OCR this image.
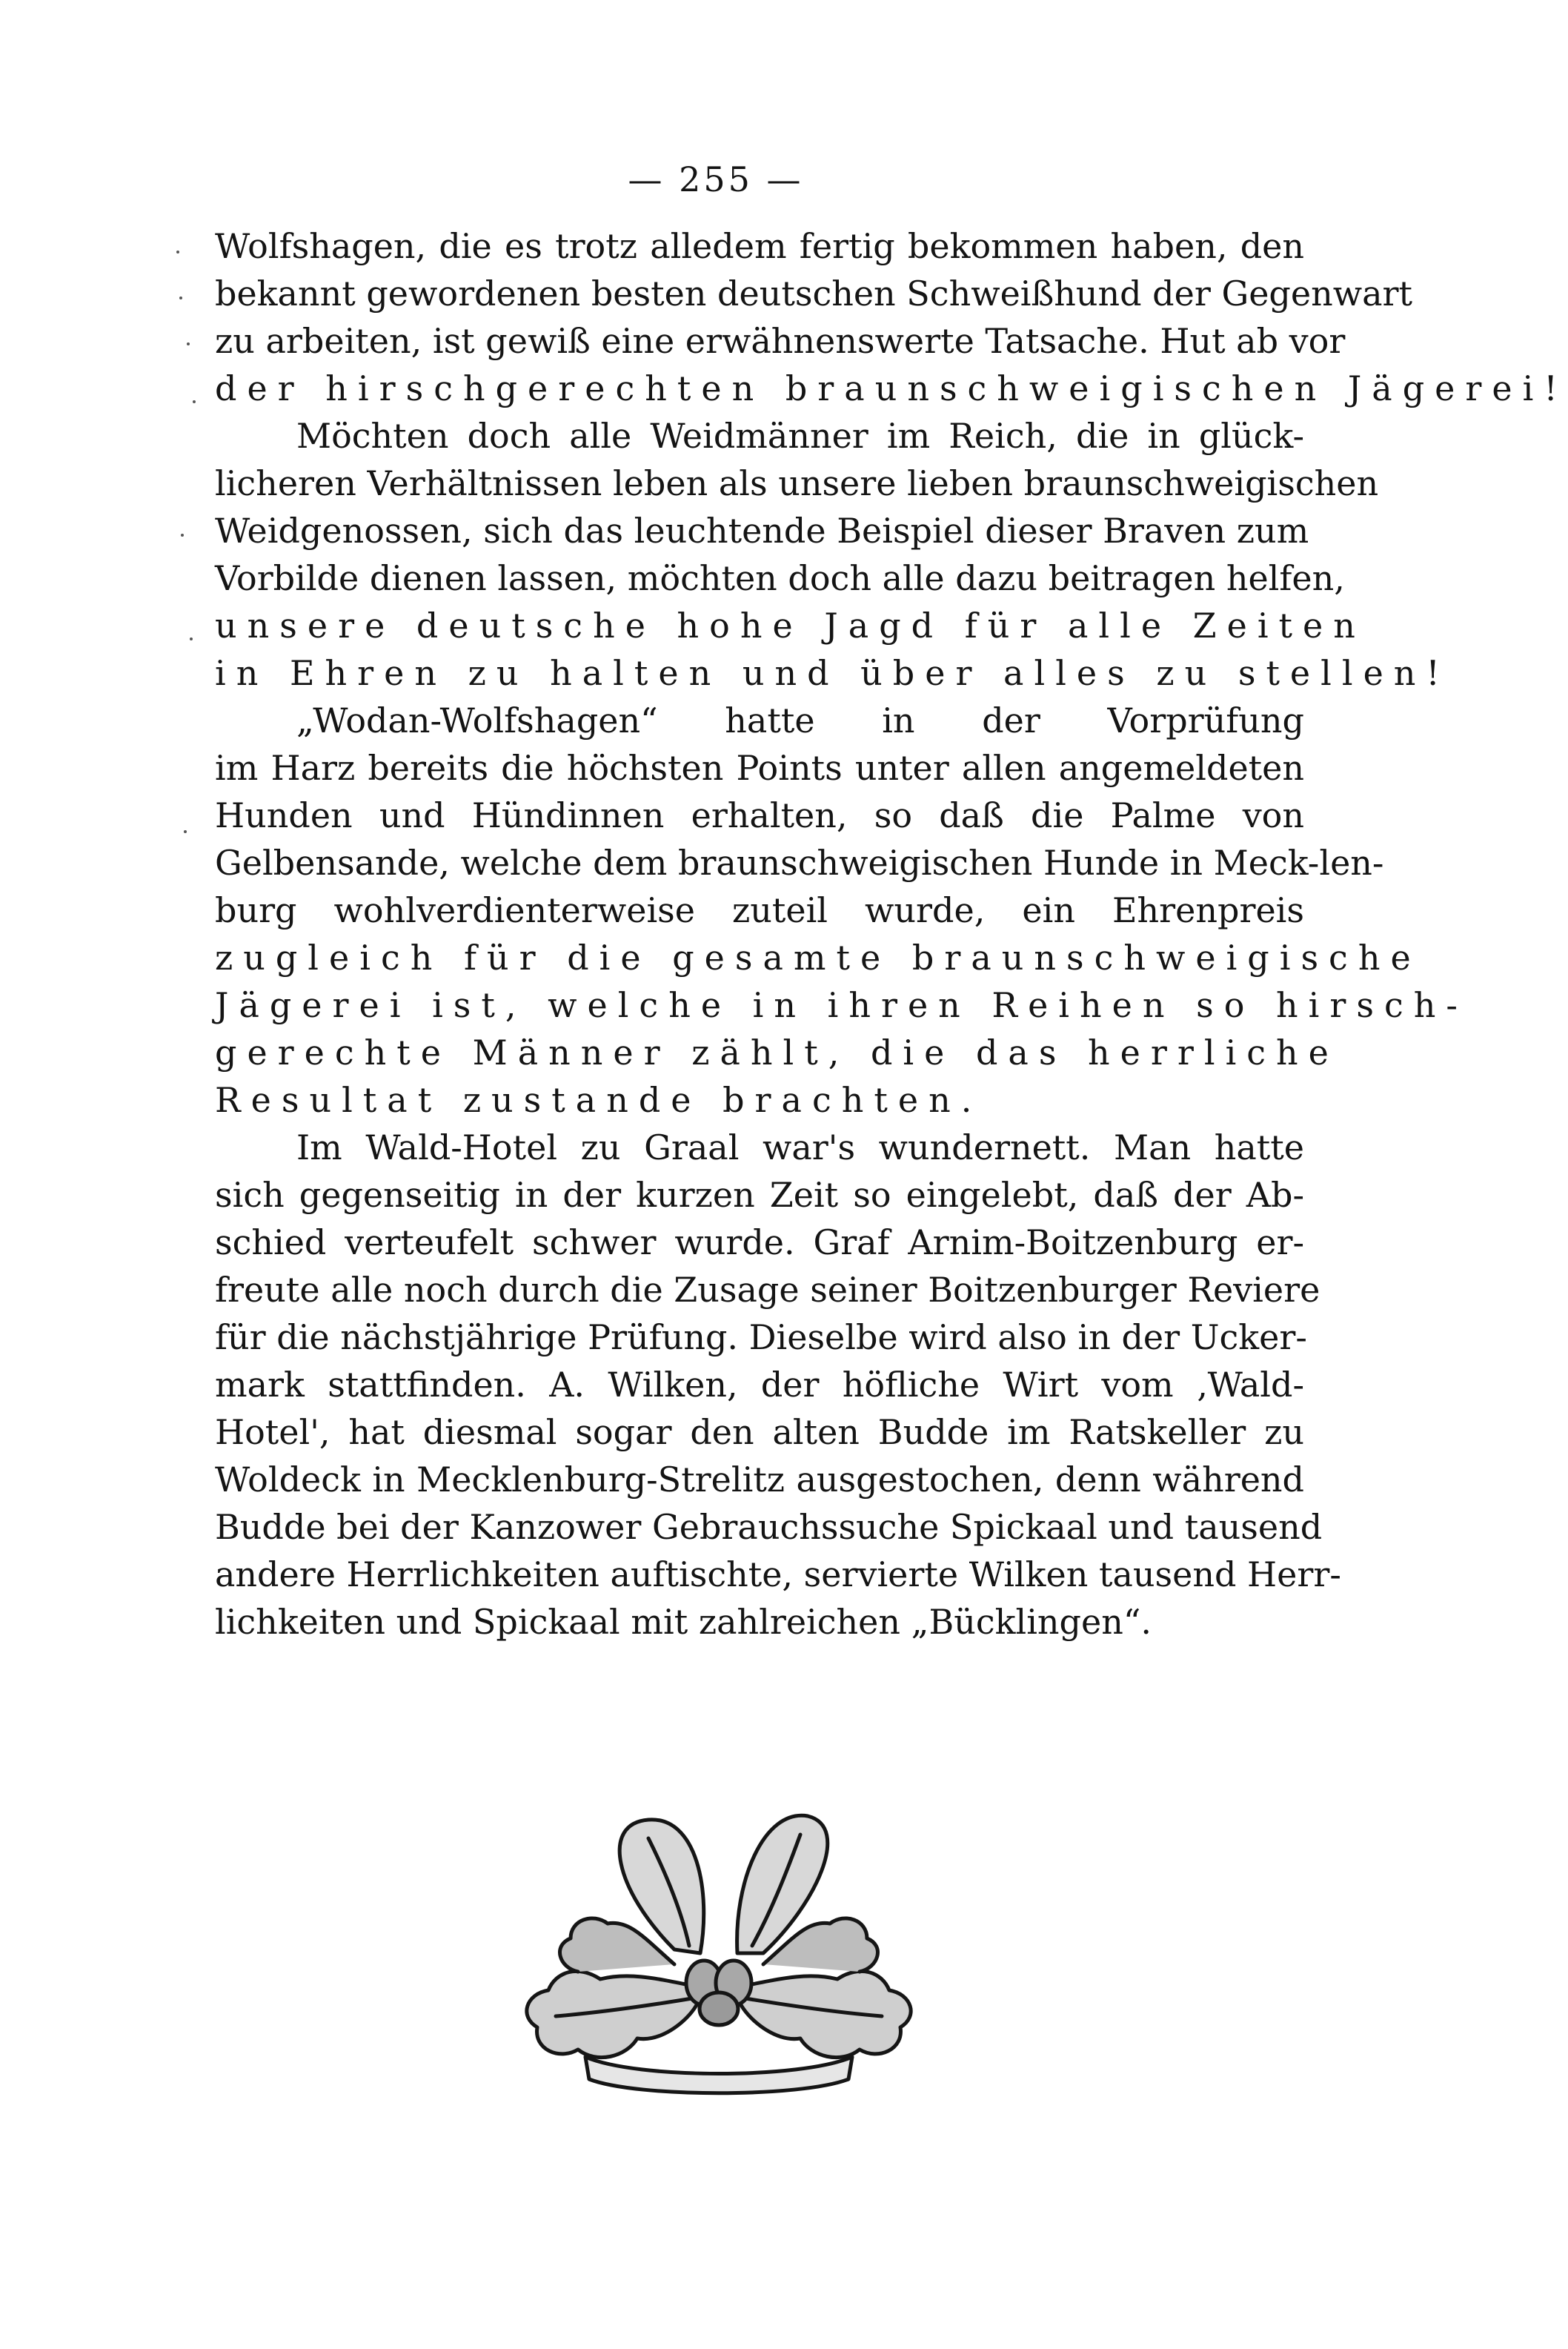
— 255 —
Wolfshagen, die es trotz alledem fertig bekommen haben, den
bekannt gewordenen besten deutschen Schweißhund der Gegenwart
zu arbeiten, ist gewiß eine erwähnenswerte Tatsache. Hut ab vor
der hirschgerechten braunschweigischen Jägerei!
Möchten doch alle Weidmänner im Reich, die in glück-
licheren Verhältnissen leben als unsere lieben braunschweigischen
Weidgenossen, sich das leuchtende Beispiel dieser Braven zum
Vorbilde dienen lassen, möchten doch alle dazu beitragen helfen,
unsere deutsche hohe Jagd für alle Zeiten
in Ehren zu halten und über alles zu stellen!
„Wodan-Wolfshagen“ hatte in der Vorprüfung
im Harz bereits die höchsten Points unter allen angemeldeten
Hunden und Hündinnen erhalten, so daß die Palme von
Gelbensande, welche dem braunschweigischen Hunde in Meck-len-
burg wohlverdienterweise zuteil wurde, ein Ehrenpreis
zugleich für die gesamte braunschweigische
Jägerei ist, welche in ihren Reihen so hirsch-
gerechte Männer zählt, die das herrliche
Resultat zustande brachten.
Im Wald-Hotel zu Graal war's wundernett. Man hatte
sich gegenseitig in der kurzen Zeit so eingelebt, daß der Ab-
schied verteufelt schwer wurde. Graf Arnim-Boitzenburg er-
freute alle noch durch die Zusage seiner Boitzenburger Reviere
für die nächstjährige Prüfung. Dieselbe wird also in der Ucker-
mark stattfinden. A. Wilken, der höfliche Wirt vom ‚Wald-
Hotel', hat diesmal sogar den alten Budde im Ratskeller zu
Woldeck in Mecklenburg-Strelitz ausgestochen, denn während
Budde bei der Kanzower Gebrauchssuche Spickaal und tausend
andere Herrlichkeiten auftischte, servierte Wilken tausend Herr-
lichkeiten und Spickaal mit zahlreichen „Bücklingen“.
